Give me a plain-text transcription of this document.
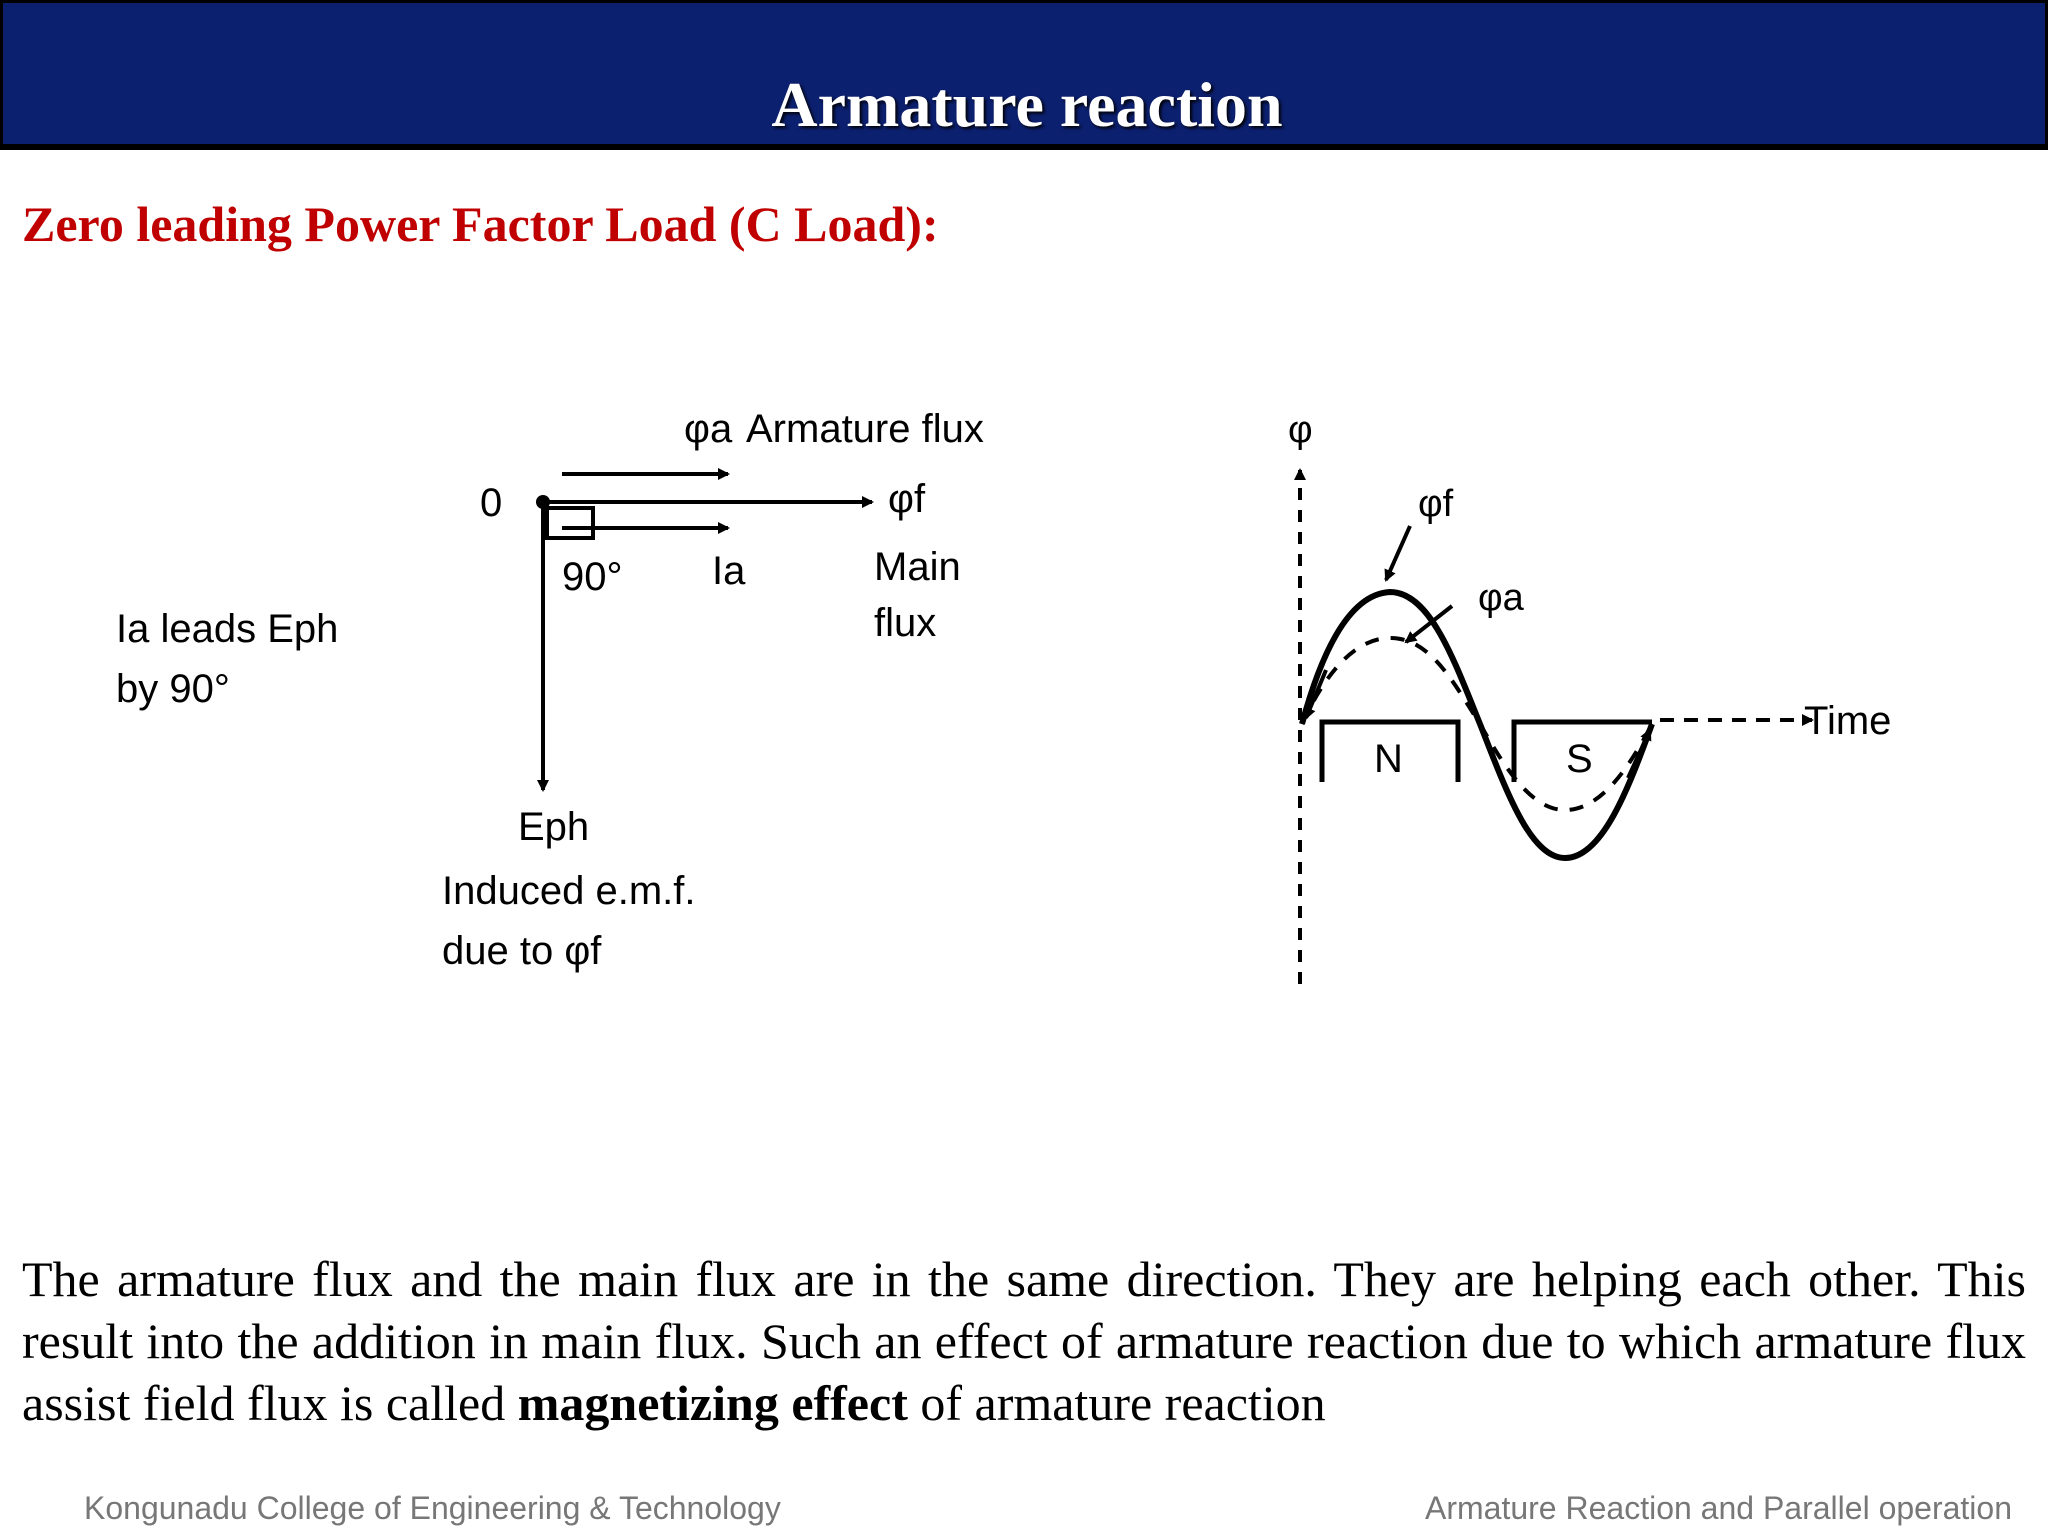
Armature reaction
Zero leading Power Factor Load (C Load):
0
φa Armature flux
φf
Main
flux
Ia
90°
Eph
Induced e.m.f.
due to φf
Ia leads Eph
by 90°
φ
Time
N	S
φf
φa
The armature flux and the main flux are in the same direction. They are helping each other. This result into the addition in main flux. Such an effect of armature reaction due to which armature flux assist field flux is called magnetizing effect of armature reaction
Kongunadu College of Engineering & Technology	Armature Reaction and Parallel operation
